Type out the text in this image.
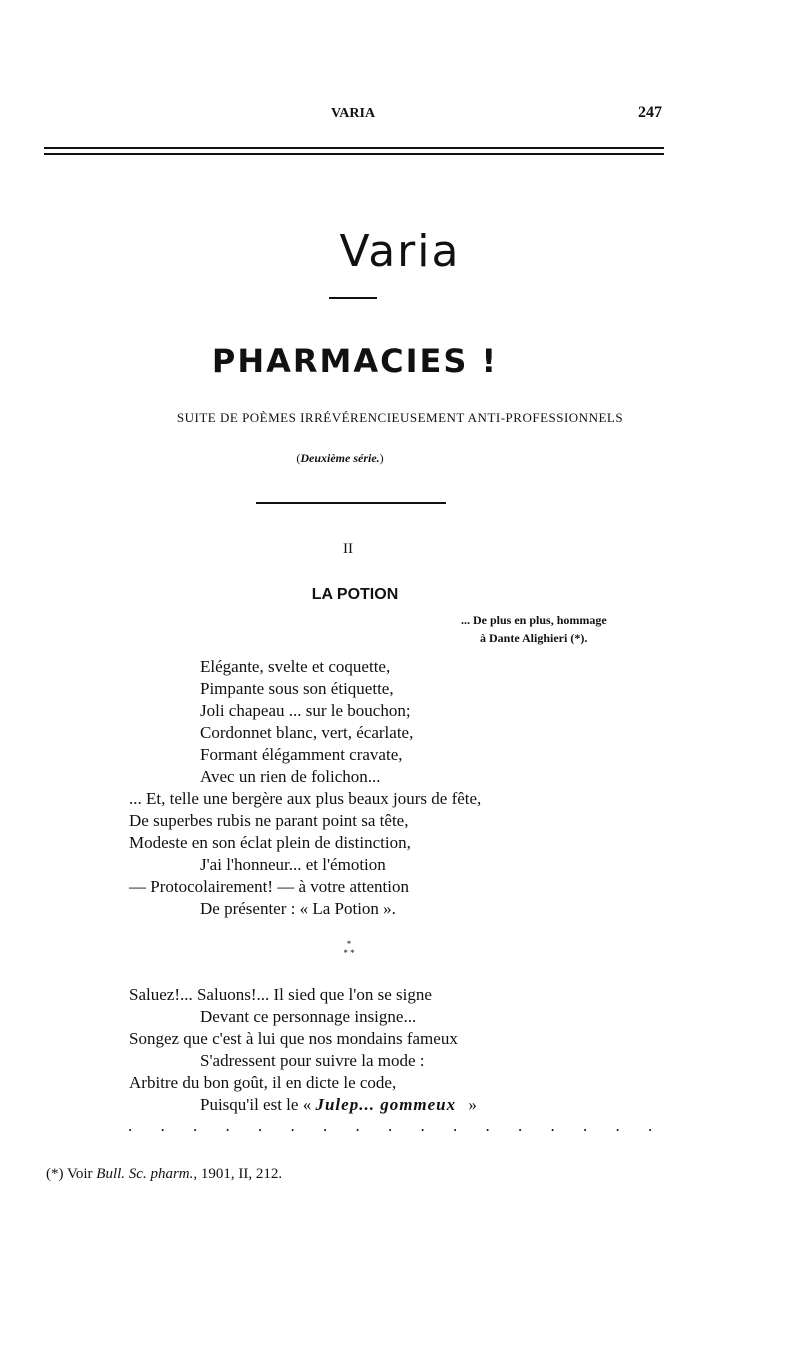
VARIA	247
Varia
PHARMACIES !
SUITE DE POÈMES IRRÉVÉRENCIEUSEMENT ANTI-PROFESSIONNELS
(Deuxième série.)
II
LA POTION
... De plus en plus, hommage
à Dante Alighieri (*).
Elégante, svelte et coquette,
Pimpante sous son étiquette,
Joli chapeau ... sur le bouchon;
Cordonnet blanc, vert, écarlate,
Formant élégamment cravate,
Avec un rien de folichon...
... Et, telle une bergère aux plus beaux jours de fête,
De superbes rubis ne parant point sa tête,
Modeste en son éclat plein de distinction,
J'ai l'honneur... et l'émotion
— Protocolairement! — à votre attention
De présenter : « La Potion ».
*
* *
Saluez!... Saluons!... Il sied que l'on se signe
Devant ce personnage insigne...
Songez que c'est à lui que nos mondains fameux
S'adressent pour suivre la mode :
Arbitre du bon goût, il en dicte le code,
Puisqu'il est le « Julep... gommeux »
. . . . . . . . . . . . . . . . .
(*) Voir Bull. Sc. pharm., 1901, II, 212.
